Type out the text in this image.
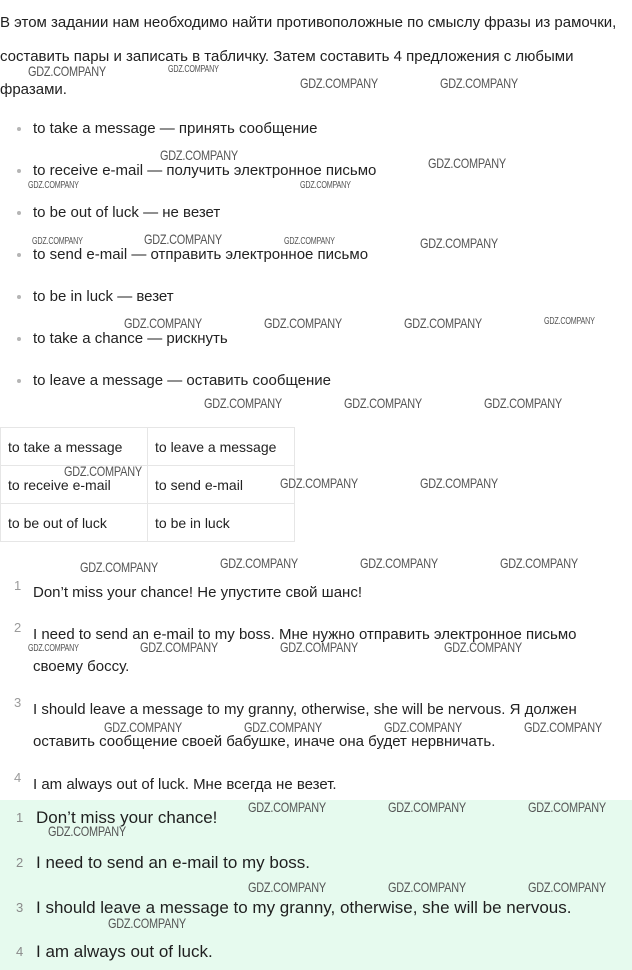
В этом задании нам необходимо найти противоположные по смыслу фразы из рамочки, составить пары и записать в табличку. Затем составить 4 предложения с любыми фразами.

to take a message — принять сообщение
to receive e-mail — получить электронное письмо
to be out of luck — не везет
to send e-mail — отправить электронное письмо
to be in luck — везет
to take a chance — рискнуть
to leave a message — оставить сообщение
to take a message	to leave a message
to receive e-mail	to send e-mail
to be out of luck	to be in luck
1 Don’t miss your chance! Не упустите свой шанс!
2 I need to send an e-mail to my boss. Мне нужно отправить электронное письмо своему боссу.
3 I should leave a message to my granny, otherwise, she will be nervous. Я должен оставить сообщение своей бабушке, иначе она будет нервничать.
4 I am always out of luck. Мне всегда не везет.
1 Don’t miss your chance!
2 I need to send an e-mail to my boss.
3 I should leave a message to my granny, otherwise, she will be nervous.
4 I am always out of luck.
GDZ.COMPANY	GDZ.COMPANY
GDZ.COMPANY	GDZ.COMPANY
GDZ.COMPANY	GDZ.COMPANY
GDZ.COMPANY	GDZ.COMPANY
GDZ.COMPANY	GDZ.COMPANY	GDZ.COMPANY	GDZ.COMPANY
GDZ.COMPANY	GDZ.COMPANY	GDZ.COMPANY	GDZ.COMPANY
GDZ.COMPANY	GDZ.COMPANY	GDZ.COMPANY
GDZ.COMPANY
GDZ.COMPANY	GDZ.COMPANY
GDZ.COMPANY	GDZ.COMPANY	GDZ.COMPANY	GDZ.COMPANY
GDZ.COMPANY	GDZ.COMPANY	GDZ.COMPANY	GDZ.COMPANY
GDZ.COMPANY	GDZ.COMPANY	GDZ.COMPANY	GDZ.COMPANY
GDZ.COMPANY	GDZ.COMPANY	GDZ.COMPANY
GDZ.COMPANY
GDZ.COMPANY	GDZ.COMPANY	GDZ.COMPANY
GDZ.COMPANY
